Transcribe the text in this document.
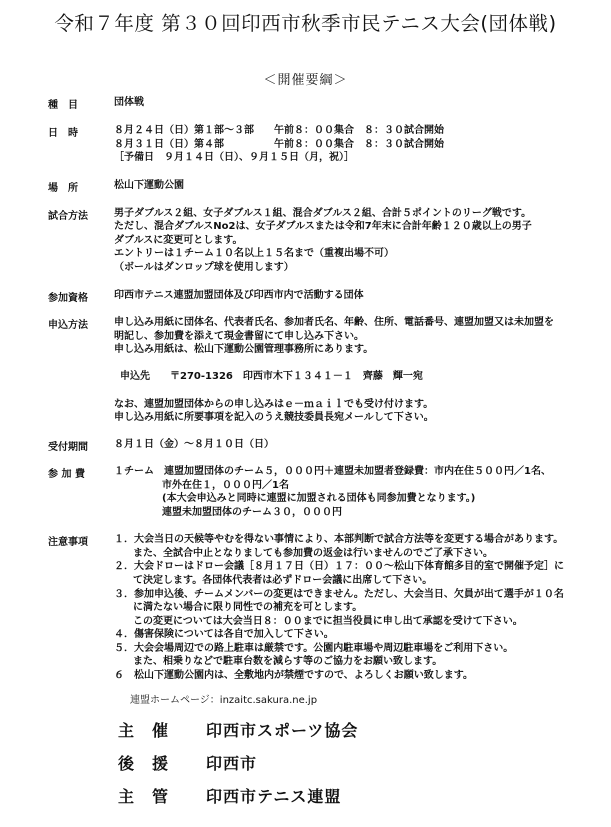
令和７年度 第３０回印西市秋季市民テニス大会(団体戦)
＜開催要綱＞
種　目	団体戦
日　時	８月２４日（日）第１部～３部　　午前８：００集合　８：３０試合開始
８月３１日（日）第４部　　　　　午前８：００集合　８：３０試合開始
［予備日　９月１４日（日）、９月１５日（月，祝）］
場　所	松山下運動公園
試合方法	男子ダブルス２組、女子ダブルス１組、混合ダブルス２組、合計５ポイントのリーグ戦です。
ただし、混合ダブルスNo2は、女子ダブルスまたは令和7年末に合計年齢１２０歳以上の男子
ダブルスに変更可とします。
エントリーは１チーム１０名以上１５名まで（重複出場不可）
（ボールはダンロップ球を使用します）
参加資格	印西市テニス連盟加盟団体及び印西市内で活動する団体
申込方法	申し込み用紙に団体名、代表者氏名、参加者氏名、年齢、住所、電話番号、連盟加盟又は未加盟を
明記し、参加費を添えて現金書留にて申し込み下さい。
申し込み用紙は、松山下運動公園管理事務所にあります。
申込先　　〒270-1326　印西市木下１３４１－１　齊藤　輝一宛
なお、連盟加盟団体からの申し込みはｅ－ｍａｉｌでも受け付けます。
申し込み用紙に所要事項を記入のうえ競技委員長宛メールして下さい。
受付期間	８月１日（金）～８月１０日（日）
参 加 費	１チーム　連盟加盟団体のチーム５，０００円＋連盟未加盟者登録費：市内在住５００円／1名、
市外在住１，０００円／1名
(本大会申込みと同時に連盟に加盟される団体も同参加費となります。)
連盟未加盟団体のチーム３０，０００円
注意事項	１．大会当日の天候等やむを得ない事情により、本部判断で試合方法等を変更する場合があります。
また、全試合中止となりましても参加費の返金は行いませんのでご了承下さい。
２．大会ドローはドロー会議［８月１７日（日）１７：００～松山下体育館多目的室で開催予定］に
て決定します。各団体代表者は必ずドロー会議に出席して下さい。
３．参加申込後、チームメンバーの変更はできません。ただし、大会当日、欠員が出て選手が１０名
に満たない場合に限り同性での補充を可とします。
この変更については大会当日８：００までに担当役員に申し出て承認を受けて下さい。
４．傷害保険については各自で加入して下さい。
５．大会会場周辺での路上駐車は厳禁です。公園内駐車場や周辺駐車場をご利用下さい。
また、相乗りなどで駐車台数を減らす等のご協力をお願い致します。
６　松山下運動公園内は、全敷地内が禁煙ですので、よろしくお願い致します。
連盟ホームページ：inzaitc.sakura.ne.jp
主　催 印西市スポーツ協会
後　援 印西市
主　管 印西市テニス連盟
